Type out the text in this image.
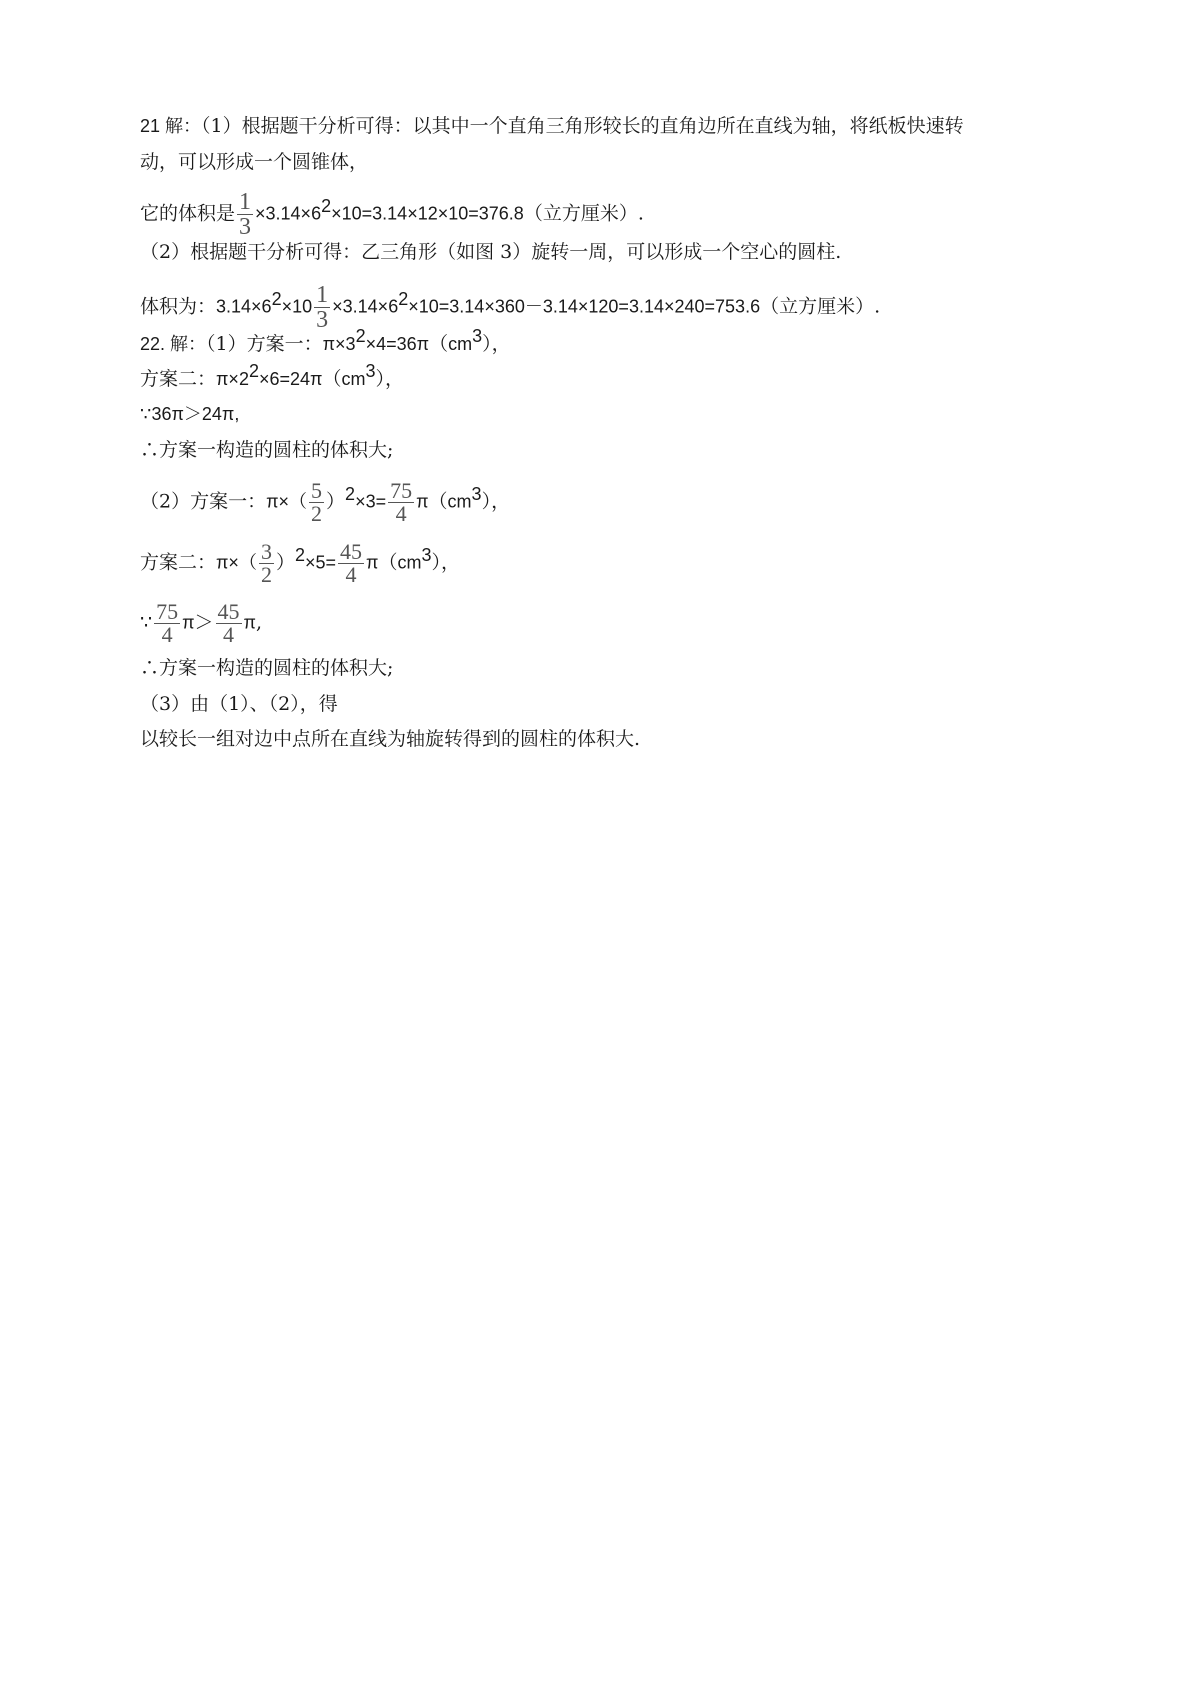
21 解：（1）根据题干分析可得：以其中一个直角三角形较长的直角边所在直线为轴，将纸板快速转
动，可以形成一个圆锥体，
它的体积是 $\frac{1}{3} \times 3.14\times 6^2\times 10=3.14\times 12\times 10=376.8$（立方厘米）.
（2）根据题干分析可得：乙三角形（如图 3）旋转一周，可以形成一个空心的圆柱.
体积为：$3.14\times 6^2\times 10 \frac{1}{3} \times 3.14\times 6^2\times 10=3.14\times 360-3.14\times 120=3.14\times 240=753.6$（立方厘米）.
22. 解：（1）方案一：$\pi\times 3^2\times 4=36\pi(cm^3)$，
方案二：$\pi\times 2^2\times 6=24\pi(cm^3)$，
∵36π＞24π,
∴方案一构造的圆柱的体积大;
（2）方案一：$\pi\times( \frac{5}{2} )^2\times 3= \frac{75}{4} \pi(cm^3)$，
方案二：$\pi\times( \frac{3}{2} )^2\times 5= \frac{45}{4} \pi(cm^3)$，
∵ $\frac{75}{4} \pi> \frac{45}{4} \pi$,
∴方案一构造的圆柱的体积大;
（3）由（1）、（2），得
以较长一组对边中点所在直线为轴旋转得到的圆柱的体积大.
